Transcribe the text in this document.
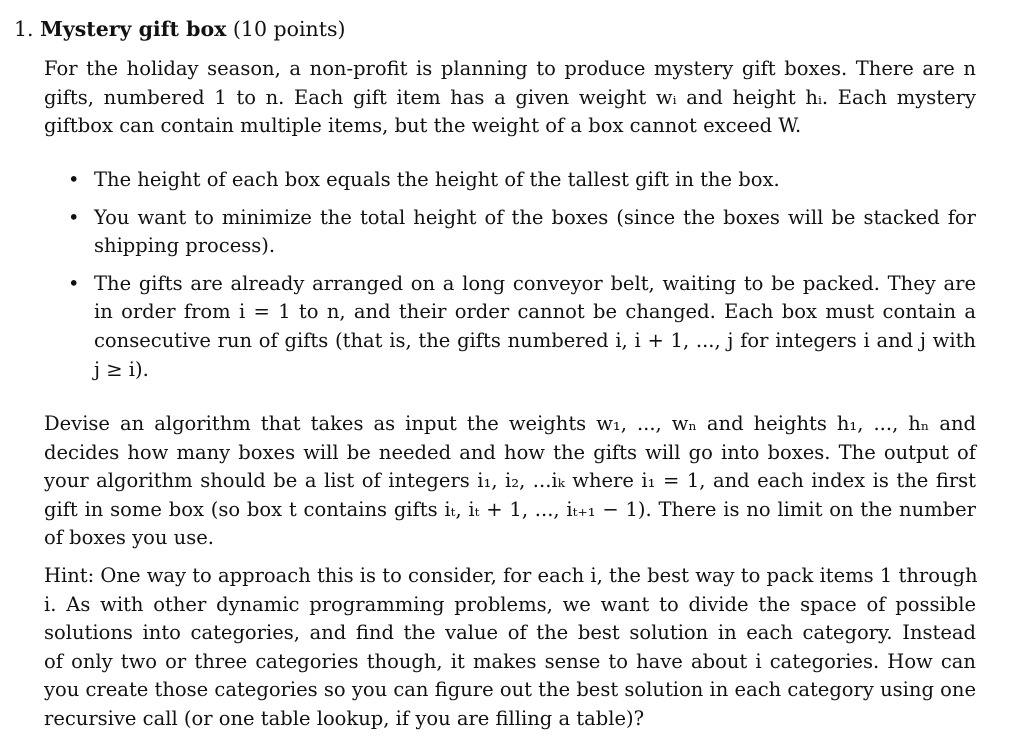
1. Mystery gift box (10 points)
For the holiday season, a non-profit is planning to produce mystery gift boxes. There are n
gifts, numbered 1 to n. Each gift item has a given weight wᵢ and height hᵢ. Each mystery
giftbox can contain multiple items, but the weight of a box cannot exceed W.
• The height of each box equals the height of the tallest gift in the box.
• You want to minimize the total height of the boxes (since the boxes will be stacked for
shipping process).
• The gifts are already arranged on a long conveyor belt, waiting to be packed. They are
in order from i = 1 to n, and their order cannot be changed. Each box must contain a
consecutive run of gifts (that is, the gifts numbered i, i + 1, ..., j for integers i and j with
j ≥ i).
Devise an algorithm that takes as input the weights w₁, ..., wₙ and heights h₁, ..., hₙ and
decides how many boxes will be needed and how the gifts will go into boxes. The output of
your algorithm should be a list of integers i₁, i₂, ...iₖ where i₁ = 1, and each index is the first
gift in some box (so box t contains gifts iₜ, iₜ + 1, ..., iₜ₊₁ − 1). There is no limit on the number
of boxes you use.
Hint: One way to approach this is to consider, for each i, the best way to pack items 1 through
i. As with other dynamic programming problems, we want to divide the space of possible
solutions into categories, and find the value of the best solution in each category. Instead
of only two or three categories though, it makes sense to have about i categories. How can
you create those categories so you can figure out the best solution in each category using one
recursive call (or one table lookup, if you are filling a table)?
